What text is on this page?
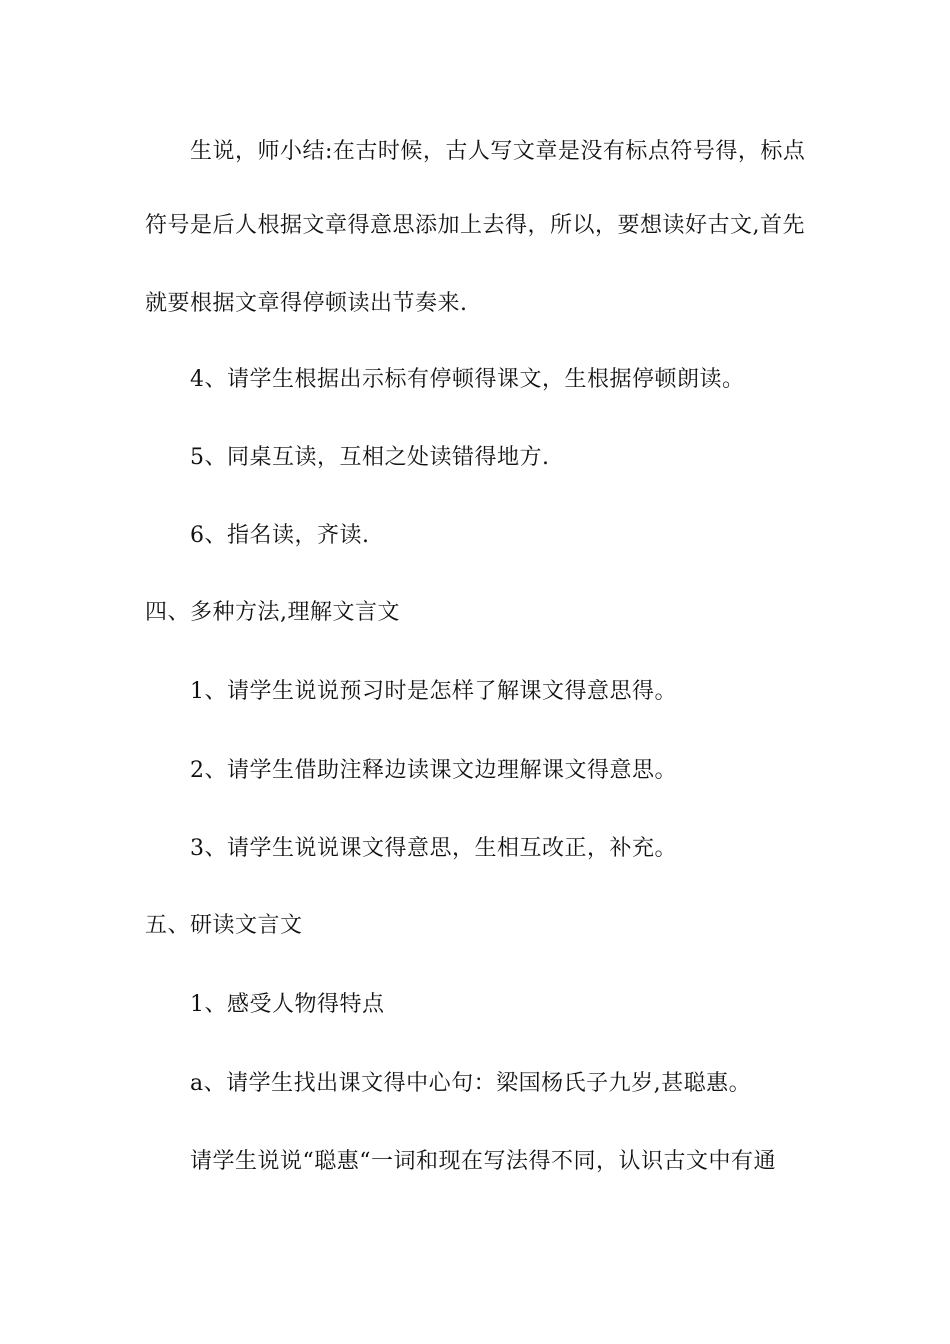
生说，师小结:在古时候，古人写文章是没有标点符号得，标点
符号是后人根据文章得意思添加上去得，所以，要想读好古文,首先
就要根据文章得停顿读出节奏来.
4、请学生根据出示标有停顿得课文，生根据停顿朗读。
5、同桌互读，互相之处读错得地方.
6、指名读，齐读.
四、多种方法,理解文言文
1、请学生说说预习时是怎样了解课文得意思得。
2、请学生借助注释边读课文边理解课文得意思。
3、请学生说说课文得意思，生相互改正，补充。
五、研读文言文
1、感受人物得特点
a、请学生找出课文得中心句：梁国杨氏子九岁,甚聪惠。
请学生说说“聪惠“一词和现在写法得不同，认识古文中有通
